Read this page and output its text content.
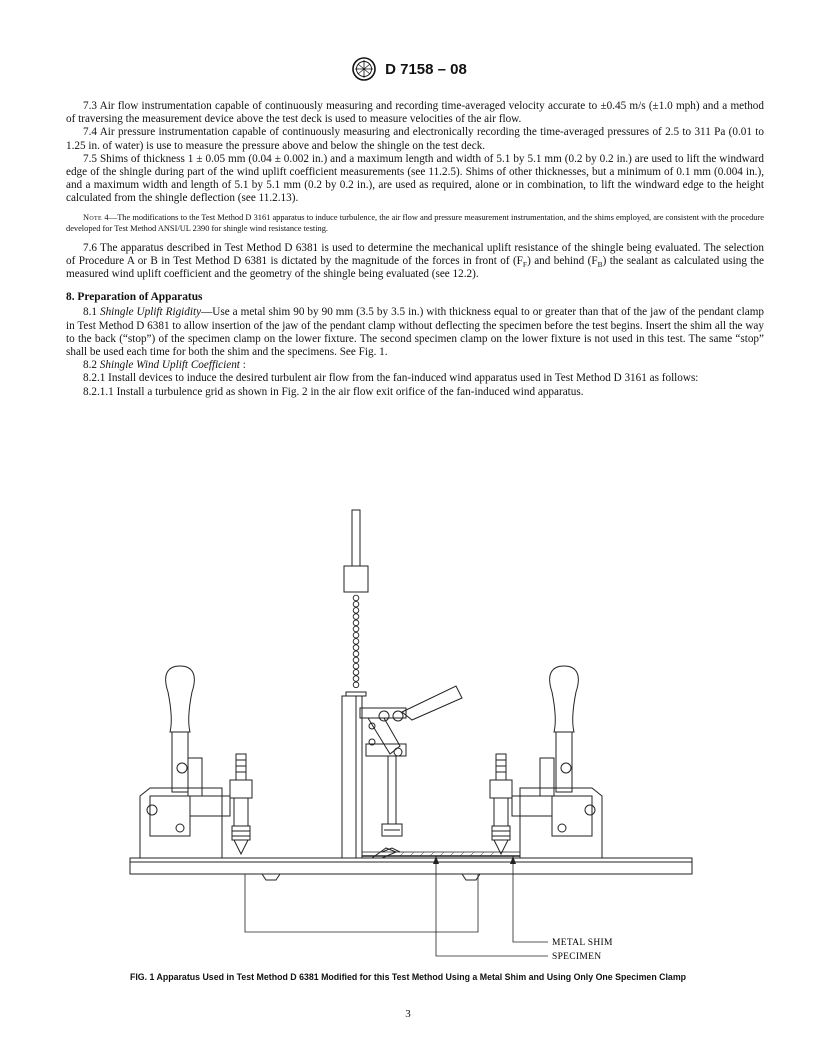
D 7158 – 08

7.3 Air flow instrumentation capable of continuously measuring and recording time-averaged velocity accurate to ±0.45 m/s (±1.0 mph) and a method of traversing the measurement device above the test deck is used to measure velocities of the air flow.

7.4 Air pressure instrumentation capable of continuously measuring and electronically recording the time-averaged pressures of 2.5 to 311 Pa (0.01 to 1.25 in. of water) is use to measure the pressure above and below the shingle on the test deck.

7.5 Shims of thickness 1 ± 0.05 mm (0.04 ± 0.002 in.) and a maximum length and width of 5.1 by 5.1 mm (0.2 by 0.2 in.) are used to lift the windward edge of the shingle during part of the wind uplift coefficient measurements (see 11.2.5). Shims of other thicknesses, but a minimum of 0.1 mm (0.004 in.), and a maximum width and length of 5.1 by 5.1 mm (0.2 by 0.2 in.), are used as required, alone or in combination, to lift the windward edge to the height calculated from the shingle deflection (see 11.2.13).

Note 4—The modifications to the Test Method D 3161 apparatus to induce turbulence, the air flow and pressure measurement instrumentation, and the shims employed, are consistent with the procedure developed for Test Method ANSI/UL 2390 for shingle wind resistance testing.

7.6 The apparatus described in Test Method D 6381 is used to determine the mechanical uplift resistance of the shingle being evaluated. The selection of Procedure A or B in Test Method D 6381 is dictated by the magnitude of the forces in front of $(F_F)$ and behind $(F_B)$ the sealant as calculated using the measured wind uplift coefficient and the geometry of the shingle being evaluated (see 12.2).

8. Preparation of Apparatus

8.1 Shingle Uplift Rigidity—Use a metal shim 90 by 90 mm (3.5 by 3.5 in.) with thickness equal to or greater than that of the jaw of the pendant clamp in Test Method D 6381 to allow insertion of the jaw of the pendant clamp without deflecting the specimen before the test begins. Insert the shim all the way to the back (“stop”) of the specimen clamp on the lower fixture. The second specimen clamp on the lower fixture is not used in this test. The same “stop” shall be used each time for both the shim and the specimens. See Fig. 1.

8.2 Shingle Wind Uplift Coefficient :

8.2.1 Install devices to induce the desired turbulent air flow from the fan-induced wind apparatus used in Test Method D 3161 as follows:

8.2.1.1 Install a turbulence grid as shown in Fig. 2 in the air flow exit orifice of the fan-induced wind apparatus.

METAL SHIM
SPECIMEN
FIG. 1 Apparatus Used in Test Method D 6381 Modified for this Test Method Using a Metal Shim and Using Only One Specimen Clamp
3
